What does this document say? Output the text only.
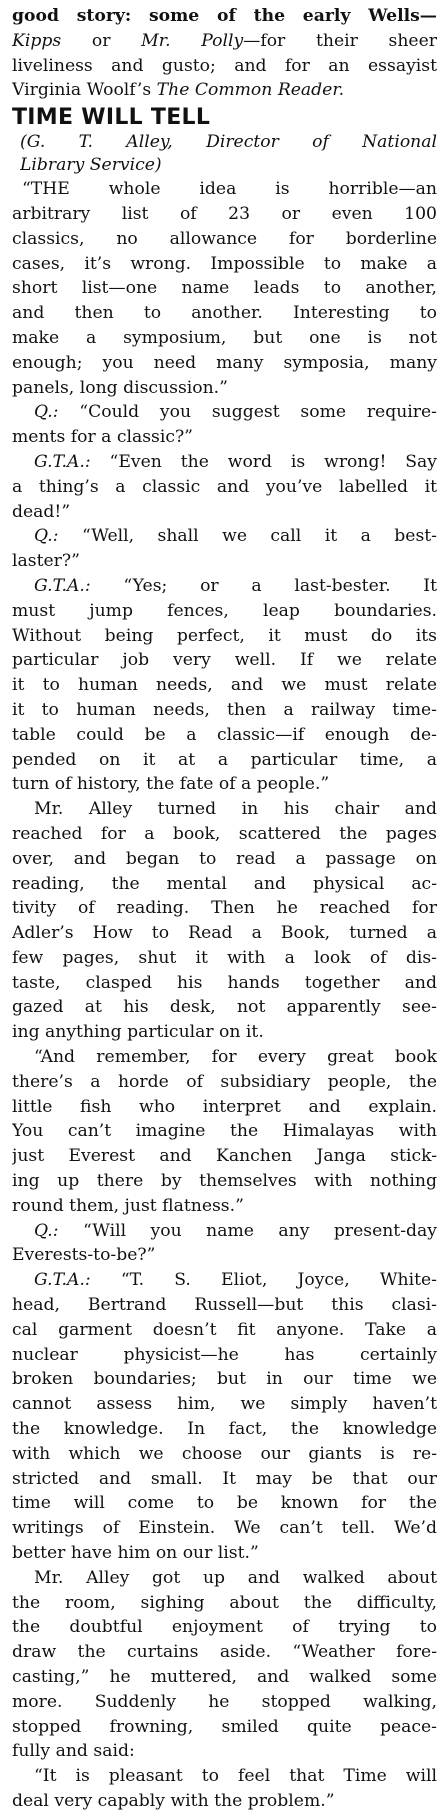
good story: some of the early Wells—

Kipps or Mr. Polly—for their sheer

liveliness and gusto; and for an essayist

Virginia Woolf’s The Common Reader.

TIME WILL TELL

(G. T. Alley, Director of National
Library Service)

“THE whole idea is horrible—an
arbitrary list of 23 or even 100
classics, no allowance for borderline
cases, it’s wrong. Impossible to make a
short list—one name leads to another,
and then to another. Interesting to
make a symposium, but one is not
enough; you need many symposia, many
panels, long discussion.”

Q.: “Could you suggest some require-
ments for a classic?”

G.T.A.: “Even the word is wrong! Say
a thing’s a classic and you’ve labelled it
dead!”

Q.: “Well, shall we call it a best-
laster?”

G.T.A.: “Yes; or a last-bester. It
must jump fences, leap boundaries.
Without being perfect, it must do its
particular job very well. If we relate
it to human needs, and we must relate
it to human needs, then a railway time-
table could be a classic—if enough de-
pended on it at a particular time, a
turn of history, the fate of a people.”

Mr. Alley turned in his chair and
reached for a book, scattered the pages
over, and began to read a passage on
reading, the mental and physical ac-
tivity of reading. Then he reached for
Adler’s How to Read a Book, turned a
few pages, shut it with a look of dis-
taste, clasped his hands together and
gazed at his desk, not apparently see-
ing anything particular on it.

“And remember, for every great book
there’s a horde of subsidiary people, the
little fish who interpret and explain.
You can’t imagine the Himalayas with
just Everest and Kanchen Janga stick-
ing up there by themselves with nothing
round them, just flatness.”

Q.: “Will you name any present-day
Everests-to-be?”

G.T.A.: “T. S. Eliot, Joyce, White-
head, Bertrand Russell—but this clasi-
cal garment doesn’t fit anyone. Take a
nuclear physicist—he has certainly
broken boundaries; but in our time we
cannot assess him, we simply haven’t
the knowledge. In fact, the knowledge
with which we choose our giants is re-
stricted and small. It may be that our
time will come to be known for the
writings of Einstein. We can’t tell. We’d
better have him on our list.”

Mr. Alley got up and walked about
the room, sighing about the difficulty,
the doubtful enjoyment of trying to
draw the curtains aside. “Weather fore-
casting,” he muttered, and walked some
more. Suddenly he stopped walking,
stopped frowning, smiled quite peace-
fully and said:

“It is pleasant to feel that Time will
deal very capably with the problem.”
